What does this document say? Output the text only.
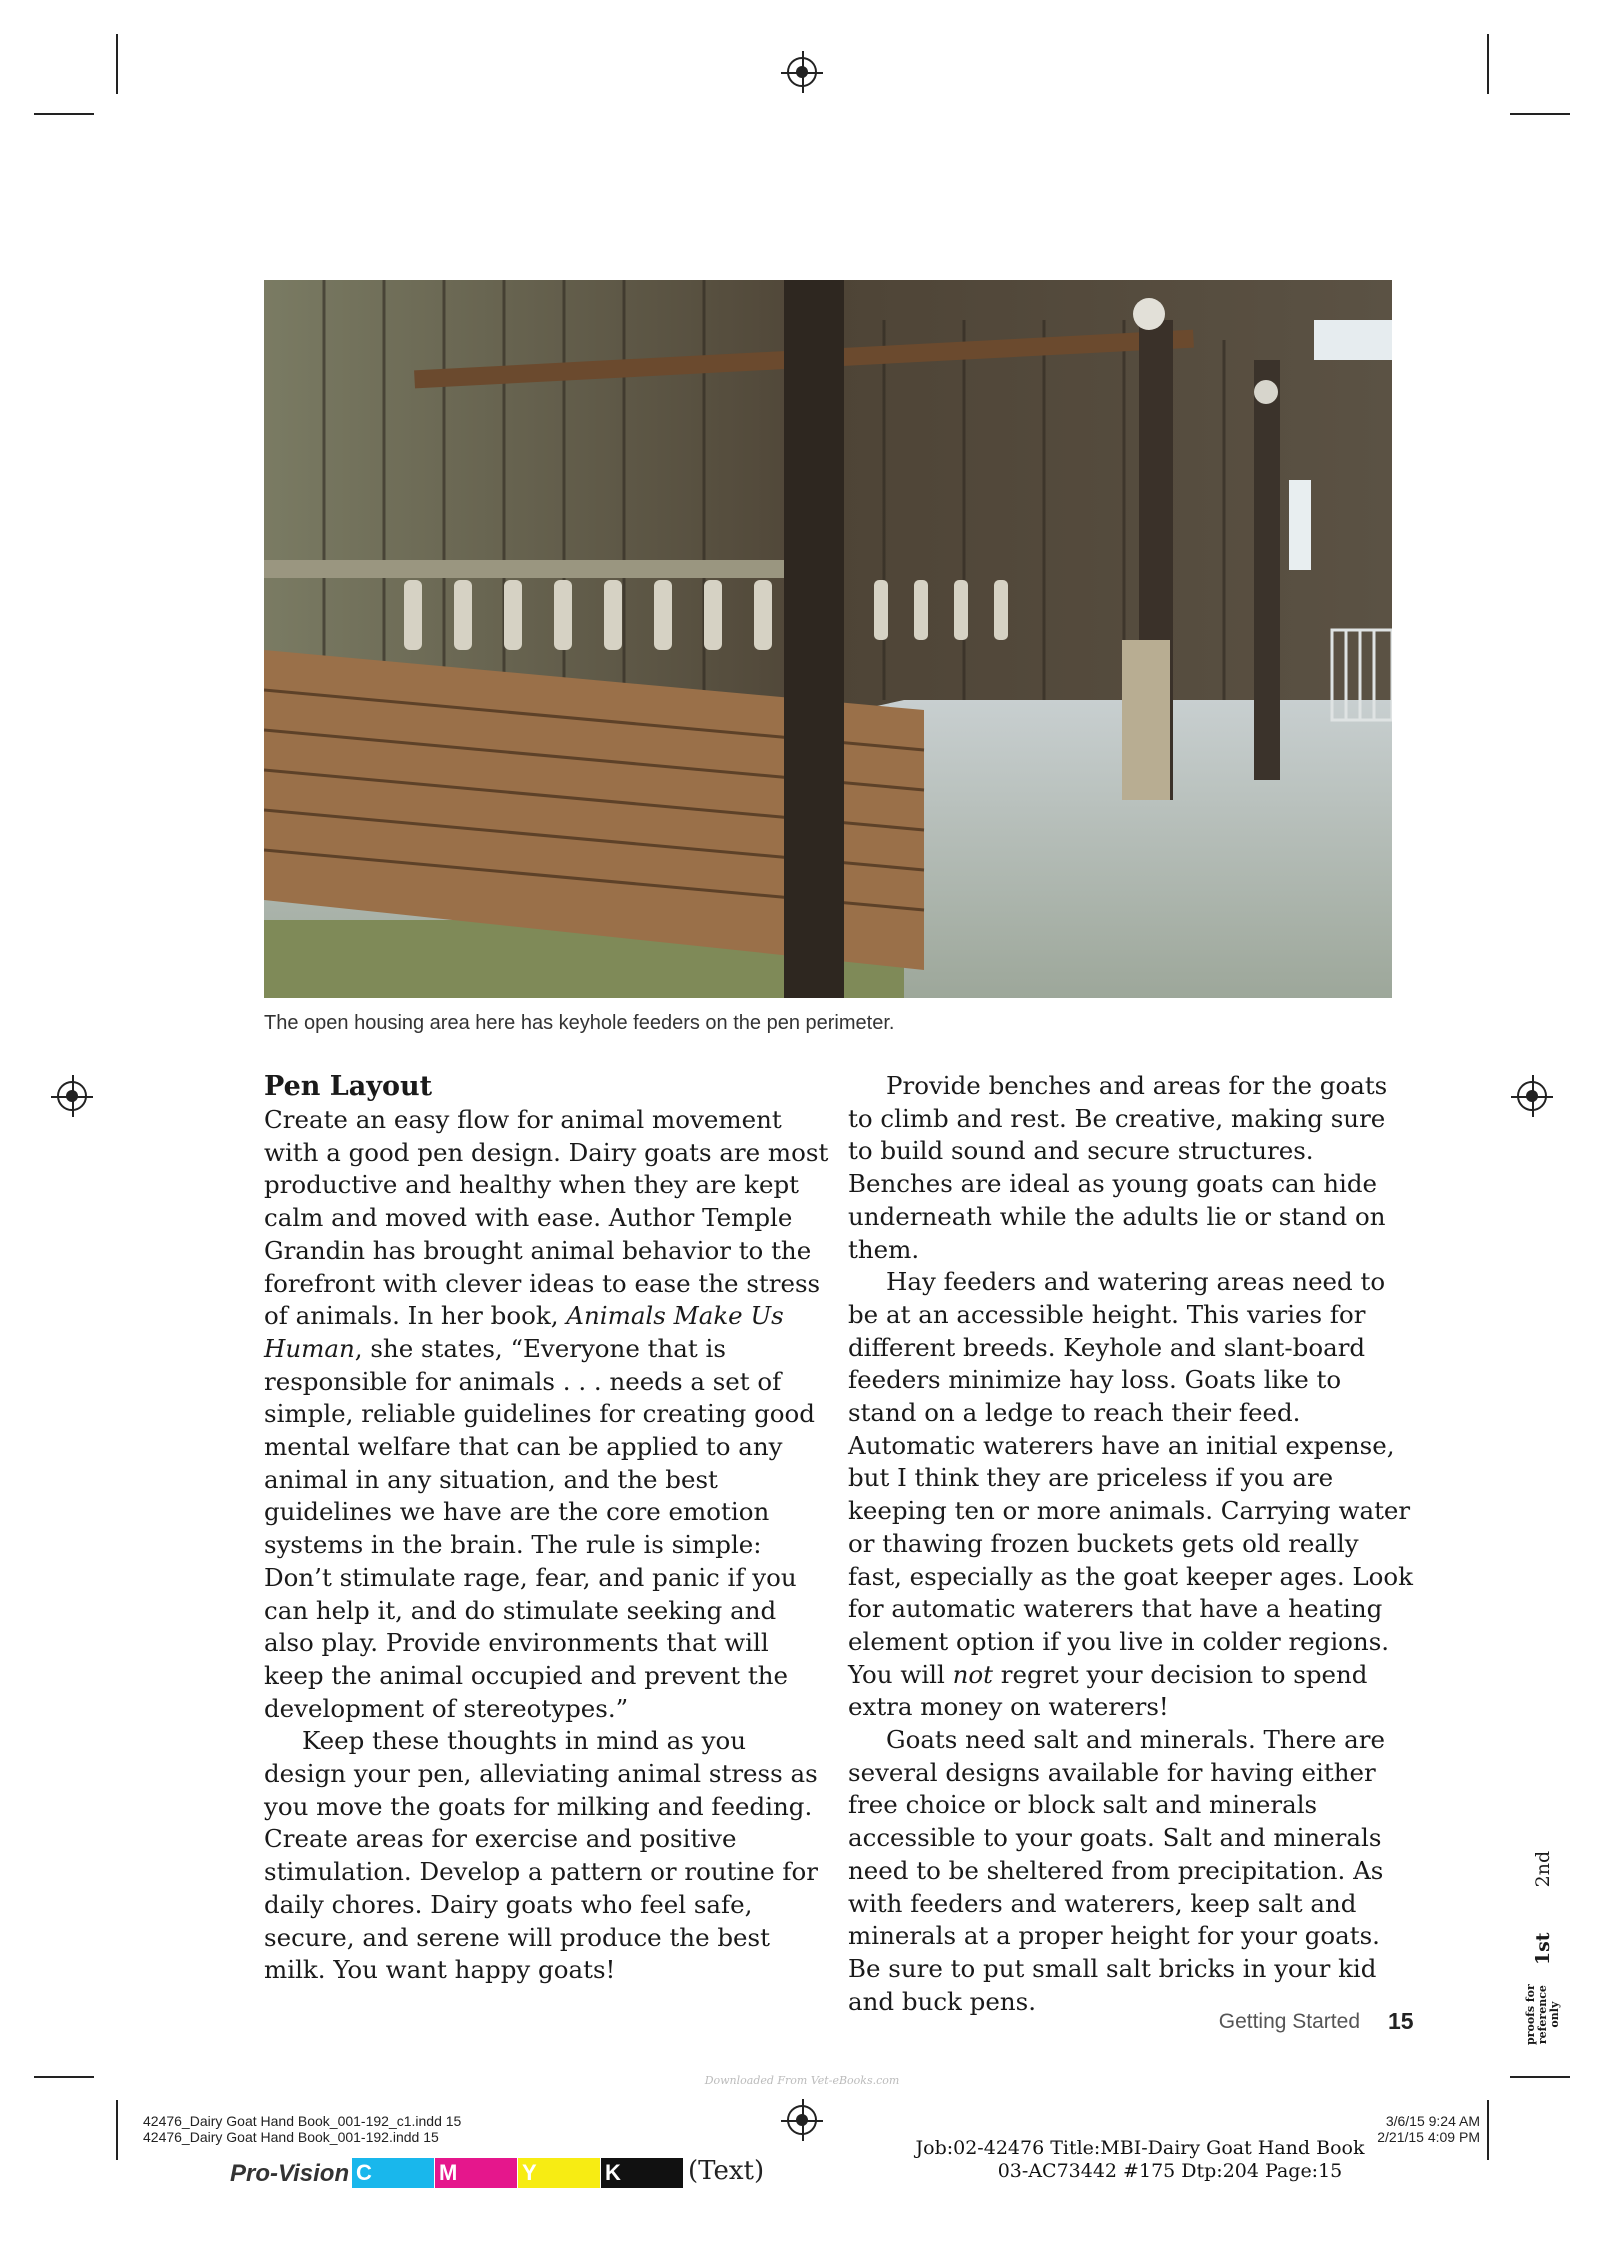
The open housing area here has keyhole feeders on the pen perimeter.
Pen Layout

Create an easy flow for animal movement with a good pen design. Dairy goats are most productive and healthy when they are kept calm and moved with ease. Author Temple Grandin has brought animal behavior to the forefront with clever ideas to ease the stress of animals. In her book, Animals Make Us Human, she states, “Everyone that is responsible for animals . . . needs a set of simple, reliable guidelines for creating good mental welfare that can be applied to any animal in any situation, and the best guidelines we have are the core emotion systems in the brain. The rule is simple: Don’t stimulate rage, fear, and panic if you can help it, and do stimulate seeking and also play. Provide environments that will keep the animal occupied and prevent the development of stereotypes.”

Keep these thoughts in mind as you design your pen, alleviating animal stress as you move the goats for milking and feeding. Create areas for exercise and positive stimulation. Develop a pattern or routine for daily chores. Dairy goats who feel safe, secure, and serene will produce the best milk. You want happy goats!

Provide benches and areas for the goats to climb and rest. Be creative, making sure to build sound and secure structures. Benches are ideal as young goats can hide underneath while the adults lie or stand on them.

Hay feeders and watering areas need to be at an accessible height. This varies for different breeds. Keyhole and slant-board feeders minimize hay loss. Goats like to stand on a ledge to reach their feed. Automatic waterers have an initial expense, but I think they are priceless if you are keeping ten or more animals. Carrying water or thawing frozen buckets gets old really fast, especially as the goat keeper ages. Look for automatic waterers that have a heating element option if you live in colder regions. You will not regret your decision to spend extra money on waterers!

Goats need salt and minerals. There are several designs available for having either free choice or block salt and minerals accessible to your goats. Salt and minerals need to be sheltered from precipitation. As with feeders and waterers, keep salt and minerals at a proper height for your goats. Be sure to put small salt bricks in your kid and buck pens.

Getting Started 15	proofs for
reference
only 1st 2nd
Downloaded From Vet-eBooks.com
42476_Dairy Goat Hand Book_001-192_c1.indd 15
42476_Dairy Goat Hand Book_001-192.indd 15
3/6/15 9:24 AM
2/21/15 4:09 PM
Job:02-42476 Title:MBI-Dairy Goat Hand Book
03-AC73442 #175 Dtp:204 Page:15
Pro-Vision C	M	Y	K	(Text)
